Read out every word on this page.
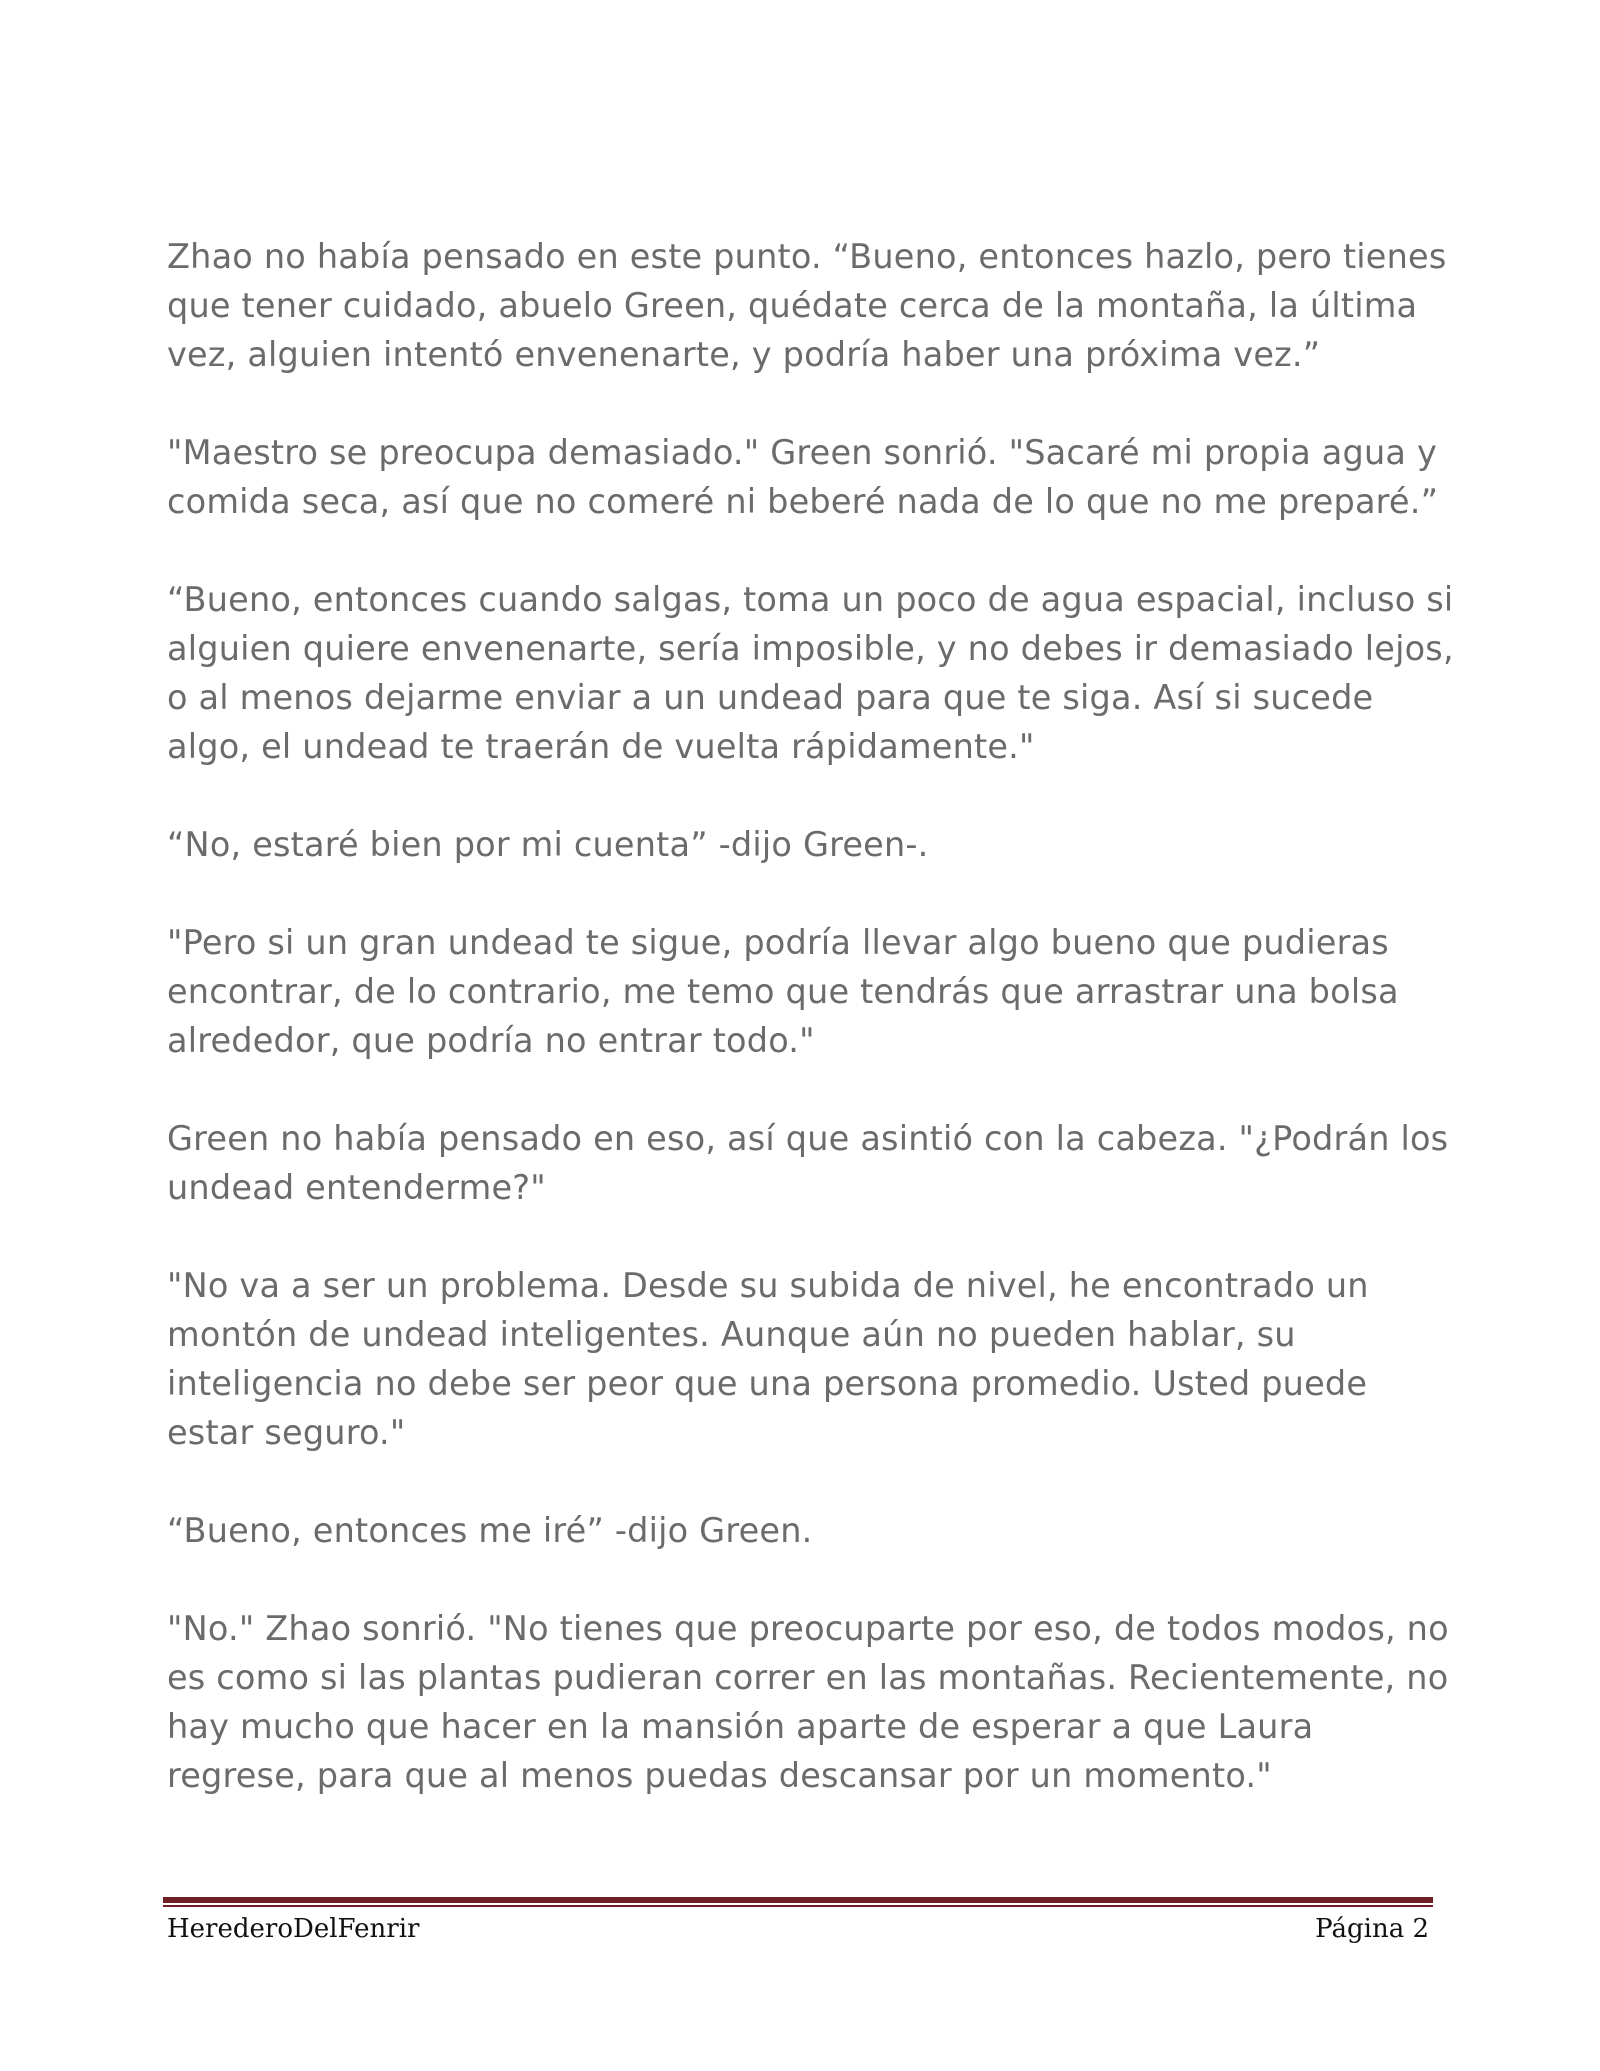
Zhao no había pensado en este punto. “Bueno, entonces hazlo, pero tienes que tener cuidado, abuelo Green, quédate cerca de la montaña, la última vez, alguien intentó envenenarte, y podría haber una próxima vez.”

"Maestro se preocupa demasiado." Green sonrió. "Sacaré mi propia agua y comida seca, así que no comeré ni beberé nada de lo que no me preparé.”

“Bueno, entonces cuando salgas, toma un poco de agua espacial, incluso si alguien quiere envenenarte, sería imposible, y no debes ir demasiado lejos, o al menos dejarme enviar a un undead para que te siga. Así si sucede algo, el undead te traerán de vuelta rápidamente."

“No, estaré bien por mi cuenta” -dijo Green-.

"Pero si un gran undead te sigue, podría llevar algo bueno que pudieras encontrar, de lo contrario, me temo que tendrás que arrastrar una bolsa alrededor, que podría no entrar todo."

Green no había pensado en eso, así que asintió con la cabeza. "¿Podrán los undead entenderme?"

"No va a ser un problema. Desde su subida de nivel, he encontrado un montón de undead inteligentes. Aunque aún no pueden hablar, su inteligencia no debe ser peor que una persona promedio. Usted puede estar seguro."

“Bueno, entonces me iré” -dijo Green.

"No." Zhao sonrió. "No tienes que preocuparte por eso, de todos modos, no es como si las plantas pudieran correr en las montañas. Recientemente, no hay mucho que hacer en la mansión aparte de esperar a que Laura regrese, para que al menos puedas descansar por un momento."

HerederoDelFenrir	Página 2
